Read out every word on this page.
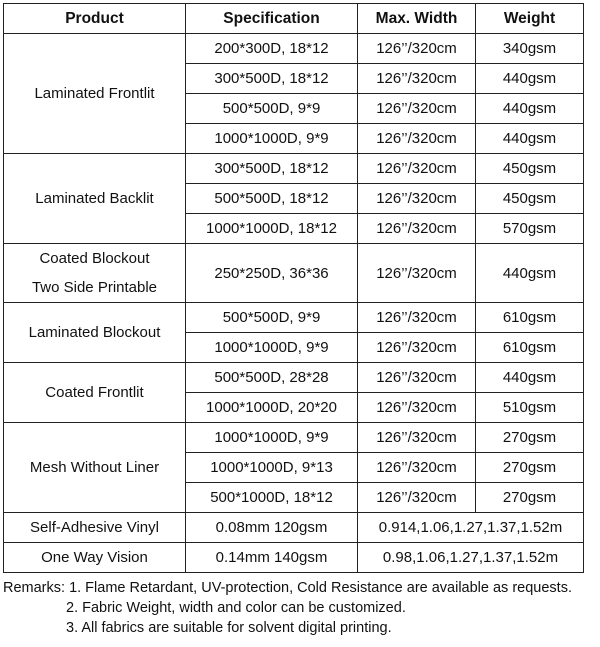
Product	Specification	Max. Width	Weight

Laminated Frontlit	200*300D, 18*12	126’’/320cm	340gsm
	300*500D, 18*12	126’’/320cm	440gsm
	500*500D, 9*9	126’’/320cm	440gsm
	1000*1000D, 9*9	126’’/320cm	440gsm

Laminated Backlit	300*500D, 18*12	126’’/320cm	450gsm
	500*500D, 18*12	126’’/320cm	450gsm
	1000*1000D, 18*12	126’’/320cm	570gsm

Coated Blockout
Two Side Printable	250*250D, 36*36	126’’/320cm	440gsm

Laminated Blockout	500*500D, 9*9	126’’/320cm	610gsm
	1000*1000D, 9*9	126’’/320cm	610gsm

Coated Frontlit	500*500D, 28*28	126’’/320cm	440gsm
	1000*1000D, 20*20	126’’/320cm	510gsm

Mesh Without Liner	1000*1000D, 9*9	126’’/320cm	270gsm
	1000*1000D, 9*13	126’’/320cm	270gsm
	500*1000D, 18*12	126’’/320cm	270gsm

Self-Adhesive Vinyl	0.08mm 120gsm	0.914,1.06,1.27,1.37,1.52m	

One Way Vision	0.14mm 140gsm	0.98,1.06,1.27,1.37,1.52m	
Remarks: 1. Flame Retardant, UV-protection, Cold Resistance are available as requests.
2. Fabric Weight, width and color can be customized.
3. All fabrics are suitable for solvent digital printing.
